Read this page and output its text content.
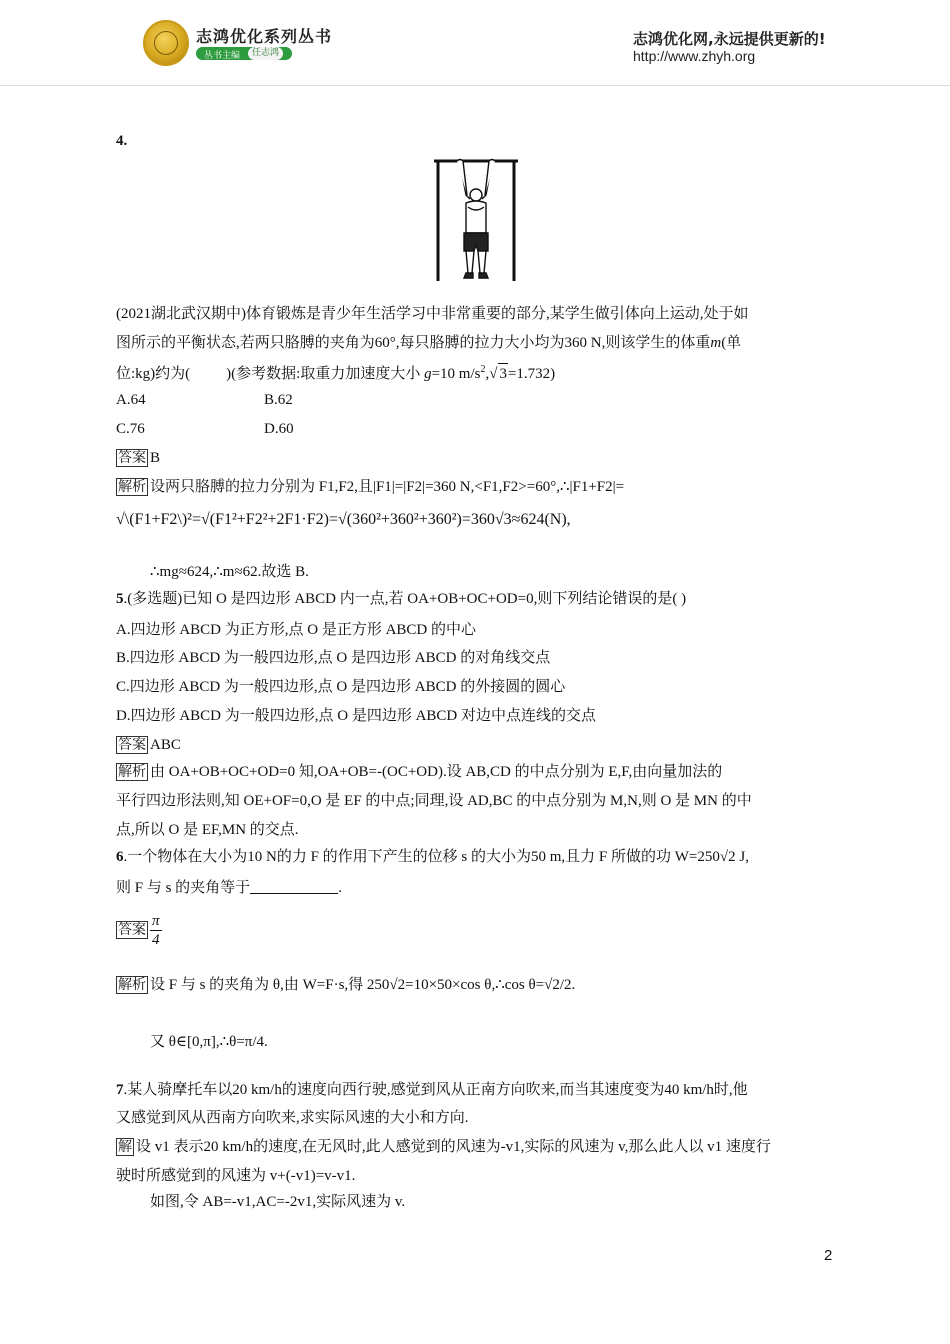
志鸿优化系列丛书
丛书主编	任志鸿
志鸿优化网,永远提供更新的!
http://www.zhyh.org
4.
(2021湖北武汉期中)体育锻炼是青少年生活学习中非常重要的部分,某学生做引体向上运动,处于如
图所示的平衡状态,若两只胳膊的夹角为60°,每只胳膊的拉力大小均为360 N,则该学生的体重m(单
位:kg)约为( )(参考数据:取重力加速度大小 g=10 $m/s^2,√$ 3=1.732)
A.64	B.62
C.76	D.60
答案 B
解析 设两只胳膊的拉力分别为 F1,F2,且|F1|=|F2|=360 N,<F1,F2>=60°,∴|F1+F2|=
√\(F1+F2\)²=√(F1²+F2²+2F1·F2)=√(360²+360²+360²)=360√3≈624(N),
∴mg≈624,∴m≈62.故选 B.
5.(多选题)已知 O 是四边形 ABCD 内一点,若 OA+OB+OC+OD=0,则下列结论错误的是( )
A.四边形 ABCD 为正方形,点 O 是正方形 ABCD 的中心
B.四边形 ABCD 为一般四边形,点 O 是四边形 ABCD 的对角线交点
C.四边形 ABCD 为一般四边形,点 O 是四边形 ABCD 的外接圆的圆心
D.四边形 ABCD 为一般四边形,点 O 是四边形 ABCD 对边中点连线的交点
答案 ABC
解析 由 OA+OB+OC+OD=0 知,OA+OB=-(OC+OD).设 AB,CD 的中点分别为 E,F,由向量加法的
平行四边形法则,知 OE+OF=0,O 是 EF 的中点;同理,设 AD,BC 的中点分别为 M,N,则 O 是 MN 的中
点,所以 O 是 EF,MN 的交点.
6.一个物体在大小为10 N的力 F 的作用下产生的位移 s 的大小为50 m,且力 F 所做的功 W=250√2 J,
则 F 与 s 的夹角等于	.
答案 $\frac{\pi}{4}$
解析 设 F 与 s 的夹角为 θ,由 W=F·s,得 250√2=10×50×cos θ,∴cos θ=√2/2.
又 θ∈[0,π],∴θ=π/4.
7.某人骑摩托车以20 km/h的速度向西行驶,感觉到风从正南方向吹来,而当其速度变为40 km/h时,他
又感觉到风从西南方向吹来,求实际风速的大小和方向.
解 设 v1 表示20 km/h的速度,在无风时,此人感觉到的风速为-v1,实际的风速为 v,那么此人以 v1 速度行
驶时所感觉到的风速为 v+(-v1)=v-v1.
如图,令 AB=-v1,AC=-2v1,实际风速为 v.
2
